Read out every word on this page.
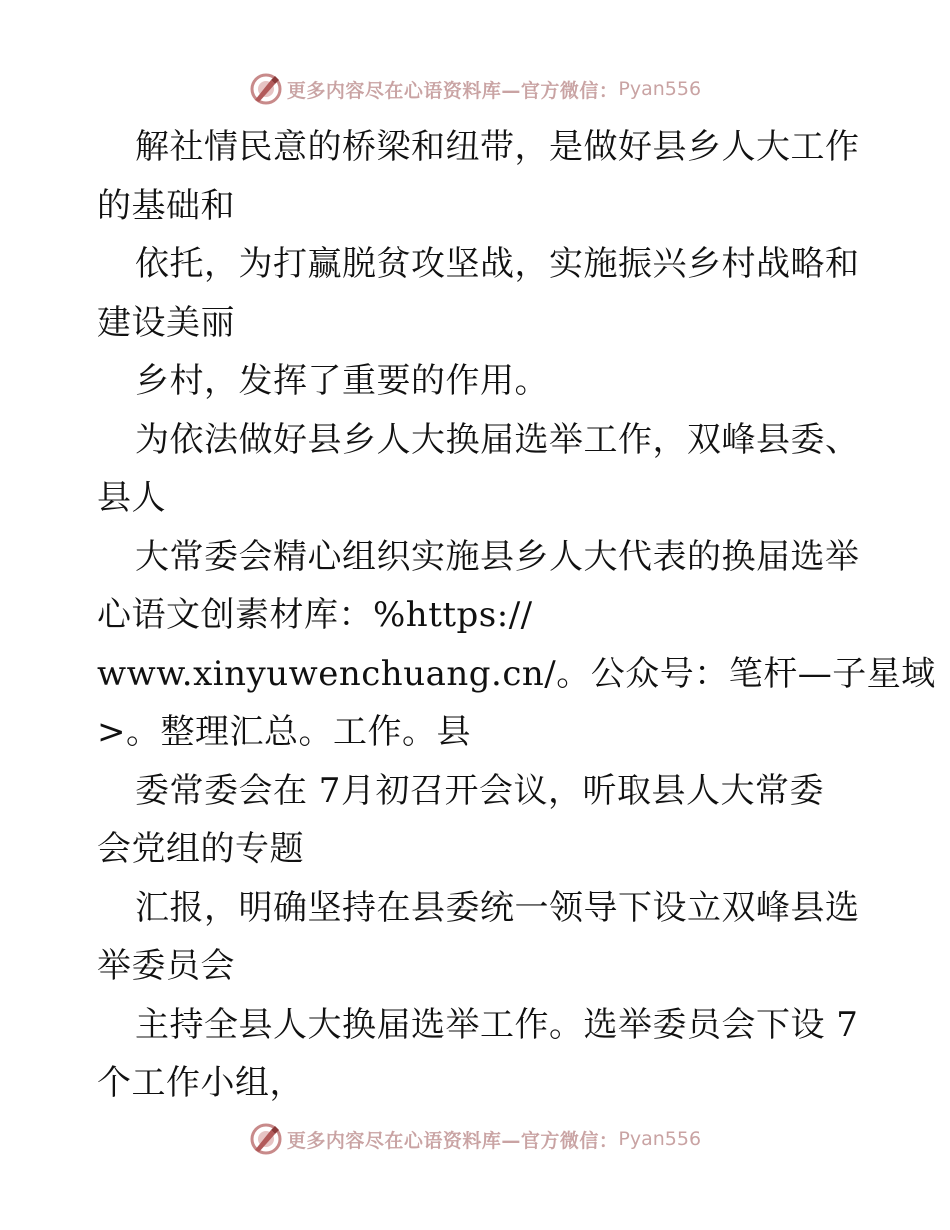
更多内容尽在心语资料库—官方微信： Pyan556
解社情民意的桥梁和纽带，是做好县乡人大工作
的基础和
依托，为打赢脱贫攻坚战，实施振兴乡村战略和
建设美丽
乡村，发挥了重要的作用。
为依法做好县乡人大换届选举工作，双峰县委、
县人
大常委会精心组织实施县乡人大代表的换届选举
心语文创素材库：%https://
www.xinyuwenchuang.cn/。公众号：笔杆—子星域
>。整理汇总。工作。县
委常委会在 7月初召开会议，听取县人大常委
会党组的专题
汇报，明确坚持在县委统一领导下设立双峰县选
举委员会
主持全县人大换届选举工作。选举委员会下设 7
个工作小组，
更多内容尽在心语资料库—官方微信： Pyan556
